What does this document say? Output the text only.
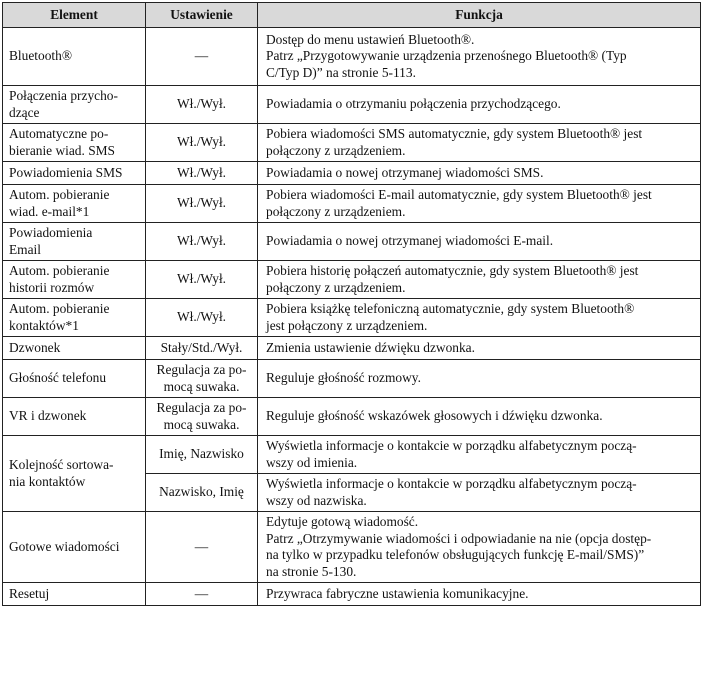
Element	Ustawienie	Funkcja

Bluetooth®	—	Dostęp do menu ustawień Bluetooth®.
Patrz „Przygotowywanie urządzenia przenośnego Bluetooth® (Typ
C/Typ D)” na stronie 5-113.

Połączenia przycho-
dzące	Wł./Wył.	Powiadamia o otrzymaniu połączenia przychodzącego.

Automatyczne po-
bieranie wiad. SMS	Wł./Wył.	Pobiera wiadomości SMS automatycznie, gdy system Bluetooth® jest
połączony z urządzeniem.

Powiadomienia SMS	Wł./Wył.	Powiadamia o nowej otrzymanej wiadomości SMS.

Autom. pobieranie
wiad. e-mail*1	Wł./Wył.	Pobiera wiadomości E-mail automatycznie, gdy system Bluetooth® jest
połączony z urządzeniem.

Powiadomienia
Email	Wł./Wył.	Powiadamia o nowej otrzymanej wiadomości E-mail.

Autom. pobieranie
historii rozmów	Wł./Wył.	Pobiera historię połączeń automatycznie, gdy system Bluetooth® jest
połączony z urządzeniem.

Autom. pobieranie
kontaktów*1	Wł./Wył.	Pobiera książkę telefoniczną automatycznie, gdy system Bluetooth®
jest połączony z urządzeniem.

Dzwonek	Stały/Std./Wył.	Zmienia ustawienie dźwięku dzwonka.

Głośność telefonu	Regulacja za po-
mocą suwaka.	Reguluje głośność rozmowy.

VR i dzwonek	Regulacja za po-
mocą suwaka.	Reguluje głośność wskazówek głosowych i dźwięku dzwonka.

Kolejność sortowa-
nia kontaktów	Imię, Nazwisko	Wyświetla informacje o kontakcie w porządku alfabetycznym począ-
wszy od imienia.

	Nazwisko, Imię	Wyświetla informacje o kontakcie w porządku alfabetycznym począ-
wszy od nazwiska.

Gotowe wiadomości	—	Edytuje gotową wiadomość.
Patrz „Otrzymywanie wiadomości i odpowiadanie na nie (opcja dostęp-
na tylko w przypadku telefonów obsługujących funkcję E-mail/SMS)”
na stronie 5-130.

Resetuj	—	Przywraca fabryczne ustawienia komunikacyjne.
